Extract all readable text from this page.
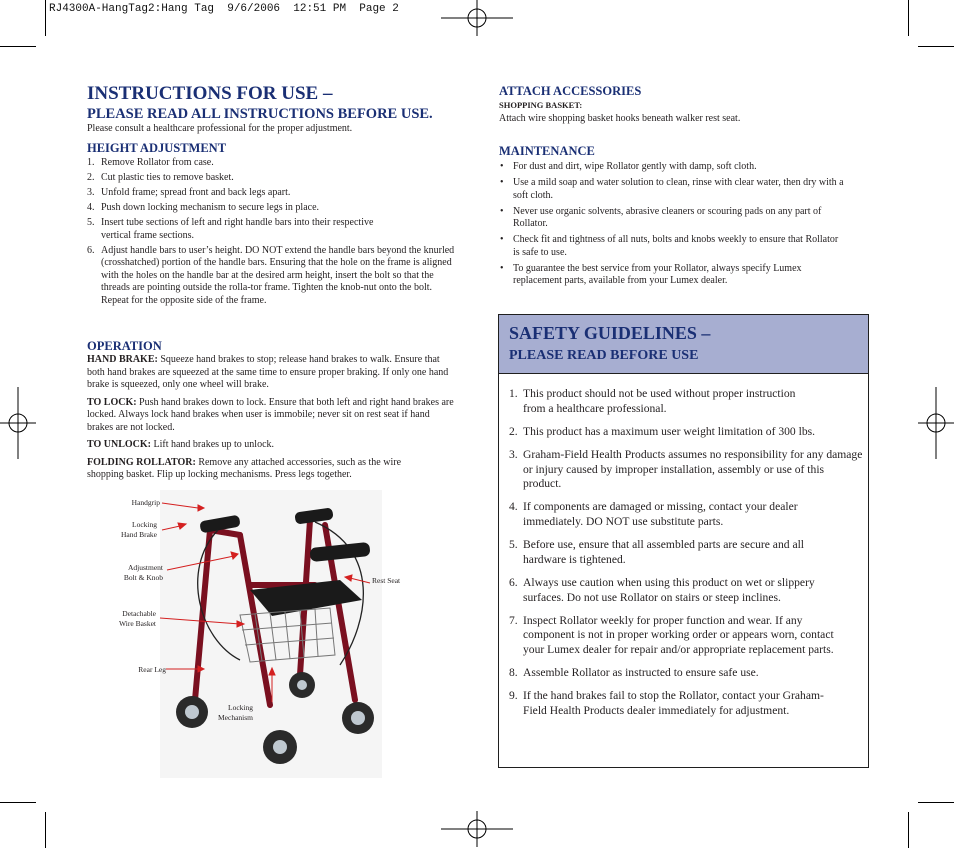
RJ4300A-HangTag2:Hang Tag  9/6/2006  12:51 PM  Page 2
INSTRUCTIONS FOR USE –
PLEASE READ ALL INSTRUCTIONS BEFORE USE.
Please consult a healthcare professional for the proper adjustment.
HEIGHT ADJUSTMENT
1. Remove Rollator from case.
2. Cut plastic ties to remove basket.
3. Unfold frame; spread front and back legs apart.
4. Push down locking mechanism to secure legs in place.
5. Insert tube sections of left and right handle bars into their respective vertical frame sections.
6. Adjust handle bars to user’s height. DO NOT extend the handle bars beyond the knurled (crosshatched) portion of the handle bars. Ensuring that the hole on the frame is aligned with the holes on the handle bar at the desired arm height, insert the bolt so that the threads are pointing outside the rolla-tor frame. Tighten the knob-nut onto the bolt. Repeat for the opposite side of the frame.
OPERATION

HAND BRAKE: Squeeze hand brakes to stop; release hand brakes to walk. Ensure that both hand brakes are squeezed at the same time to ensure proper braking. If only one hand brake is squeezed, only one wheel will brake.

TO LOCK: Push hand brakes down to lock. Ensure that both left and right hand brakes are locked. Always lock hand brakes when user is immobile; never sit on rest seat if hand brakes are not locked.

TO UNLOCK: Lift hand brakes up to unlock.

FOLDING ROLLATOR: Remove any attached accessories, such as the wire shopping basket. Flip up locking mechanisms. Press legs together.

Handgrip
Locking
Hand Brake
Adjustment
Bolt & Knob
Detachable
Wire Basket
Rear Leg
Locking
Mechanism
Rest Seat
ATTACH ACCESSORIES
SHOPPING BASKET:
Attach wire shopping basket hooks beneath walker rest seat.
MAINTENANCE
• For dust and dirt, wipe Rollator gently with damp, soft cloth.
• Use a mild soap and water solution to clean, rinse with clear water, then dry with a soft cloth.
• Never use organic solvents, abrasive cleaners or scouring pads on any part of Rollator.
• Check fit and tightness of all nuts, bolts and knobs weekly to ensure that Rollator is safe to use.
• To guarantee the best service from your Rollator, always specify Lumex replacement parts, available from your Lumex dealer.
SAFETY GUIDELINES –
PLEASE READ BEFORE USE
1. This product should not be used without proper instruction from a healthcare professional.
2. This product has a maximum user weight limitation of 300 lbs.
3. Graham-Field Health Products assumes no responsibility for any damage or injury caused by improper installation, assembly or use of this product.
4. If components are damaged or missing, contact your dealer immediately. DO NOT use substitute parts.
5. Before use, ensure that all assembled parts are secure and all hardware is tightened.
6. Always use caution when using this product on wet or slippery surfaces. Do not use Rollator on stairs or steep inclines.
7. Inspect Rollator weekly for proper function and wear. If any component is not in proper working order or appears worn, contact your Lumex dealer for repair and/or appropriate replacement parts.
8. Assemble Rollator as instructed to ensure safe use.
9. If the hand brakes fail to stop the Rollator, contact your Graham-Field Health Products dealer immediately for adjustment.
